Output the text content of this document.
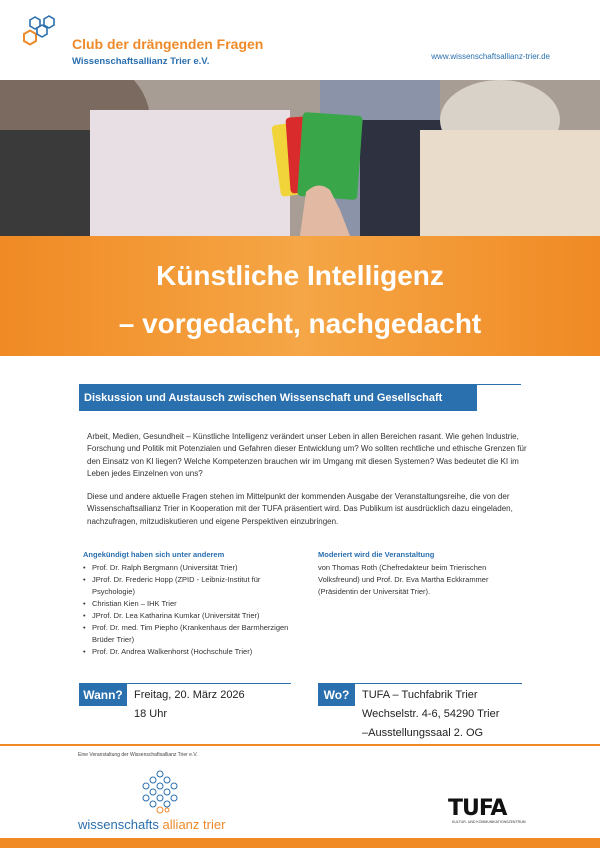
Club der drängenden Fragen
Wissenschaftsallianz Trier e.V.	www.wissenschaftsallianz-trier.de
Künstliche Intelligenz
– vorgedacht, nachgedacht
Diskussion und Austausch zwischen Wissenschaft und Gesellschaft

Arbeit, Medien, Gesundheit – Künstliche Intelligenz verändert unser Leben in allen Bereichen rasant. Wie gehen Industrie, Forschung und Politik mit Potenzialen und Gefahren dieser Entwicklung um? Wo sollten rechtliche und ethische Grenzen für den Einsatz von KI liegen? Welche Kompetenzen brauchen wir im Umgang mit diesen Systemen? Was bedeutet die KI im Leben jedes Einzelnen von uns?

Diese und andere aktuelle Fragen stehen im Mittelpunkt der kommenden Ausgabe der Veranstaltungsreihe, die von der Wissenschaftsallianz Trier in Kooperation mit der TUFA präsentiert wird. Das Publikum ist ausdrücklich dazu eingeladen, nachzufragen, mitzudiskutieren und eigene Perspektiven einzubringen.

Angekündigt haben sich unter anderem
• Prof. Dr. Ralph Bergmann (Universität Trier)
• JProf. Dr. Frederic Hopp (ZPID - Leibniz-Institut für Psychologie)
• Christian Kien – IHK Trier
• JProf. Dr. Lea Katharina Kumkar (Universität Trier)
• Prof. Dr. med. Tim Piepho (Krankenhaus der Barmherzigen Brüder Trier)
• Prof. Dr. Andrea Walkenhorst (Hochschule Trier)
Moderiert wird die Veranstaltung
von Thomas Roth (Chefredakteur beim Trierischen Volksfreund) und Prof. Dr. Eva Martha Eckkrammer (Präsidentin der Universität Trier).
Wann?	Freitag, 20. März 2026
18 Uhr
Wo?	TUFA – Tuchfabrik Trier
Wechselstr. 4-6, 54290 Trier
–Ausstellungssaal 2. OG
Eine Veranstaltung der Wissenschaftsallianz Trier e.V.
wissenschafts allianz trier
TUFA
KULTUR- UND KOMMUNIKATIONSZENTRUM
